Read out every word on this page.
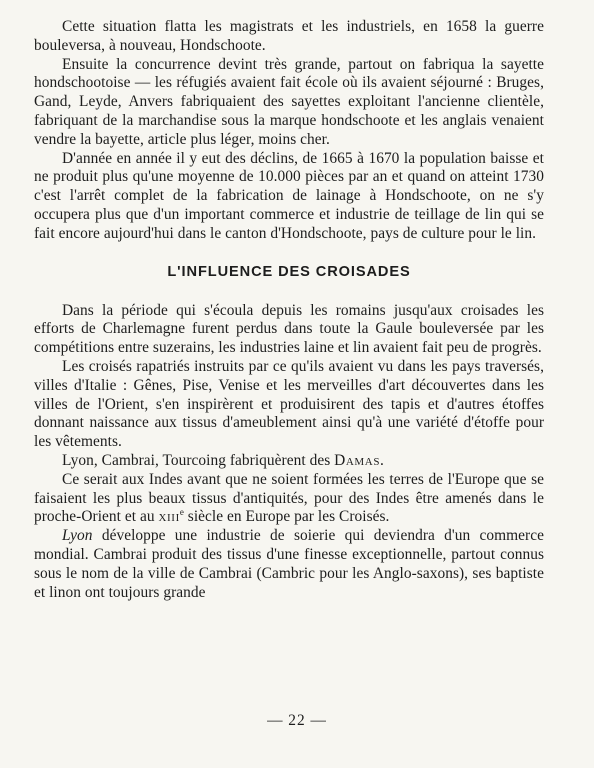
Cette situation flatta les magistrats et les industriels, en 1658 la guerre bouleversa, à nouveau, Hondschoote.

Ensuite la concurrence devint très grande, partout on fabriqua la sayette hondschootoise — les réfugiés avaient fait école où ils avaient séjourné : Bruges, Gand, Leyde, Anvers fabriquaient des sayettes exploitant l'ancienne clientèle, fabriquant de la marchandise sous la marque hondschoote et les anglais venaient vendre la bayette, article plus léger, moins cher.

D'année en année il y eut des déclins, de 1665 à 1670 la population baisse et ne produit plus qu'une moyenne de 10.000 pièces par an et quand on atteint 1730 c'est l'arrêt complet de la fabrication de lainage à Hondschoote, on ne s'y occupera plus que d'un important commerce et industrie de teillage de lin qui se fait encore aujourd'hui dans le canton d'Hondschoote, pays de culture pour le lin.

L'INFLUENCE DES CROISADES

Dans la période qui s'écoula depuis les romains jusqu'aux croisades les efforts de Charlemagne furent perdus dans toute la Gaule bouleversée par les compétitions entre suzerains, les industries laine et lin avaient fait peu de progrès.

Les croisés rapatriés instruits par ce qu'ils avaient vu dans les pays traversés, villes d'Italie : Gênes, Pise, Venise et les merveilles d'art découvertes dans les villes de l'Orient, s'en inspirèrent et produisirent des tapis et d'autres étoffes donnant naissance aux tissus d'ameublement ainsi qu'à une variété d'étoffe pour les vêtements.

Lyon, Cambrai, Tourcoing fabriquèrent des Damas.

Ce serait aux Indes avant que ne soient formées les terres de l'Europe que se faisaient les plus beaux tissus d'antiquités, pour des Indes être amenés dans le proche-Orient et au xiii$^e$ siècle en Europe par les Croisés.

Lyon développe une industrie de soierie qui deviendra d'un commerce mondial. Cambrai produit des tissus d'une finesse exceptionnelle, partout connus sous le nom de la ville de Cambrai (Cambric pour les Anglo-saxons), ses baptiste et linon ont toujours grande

— 22 —
